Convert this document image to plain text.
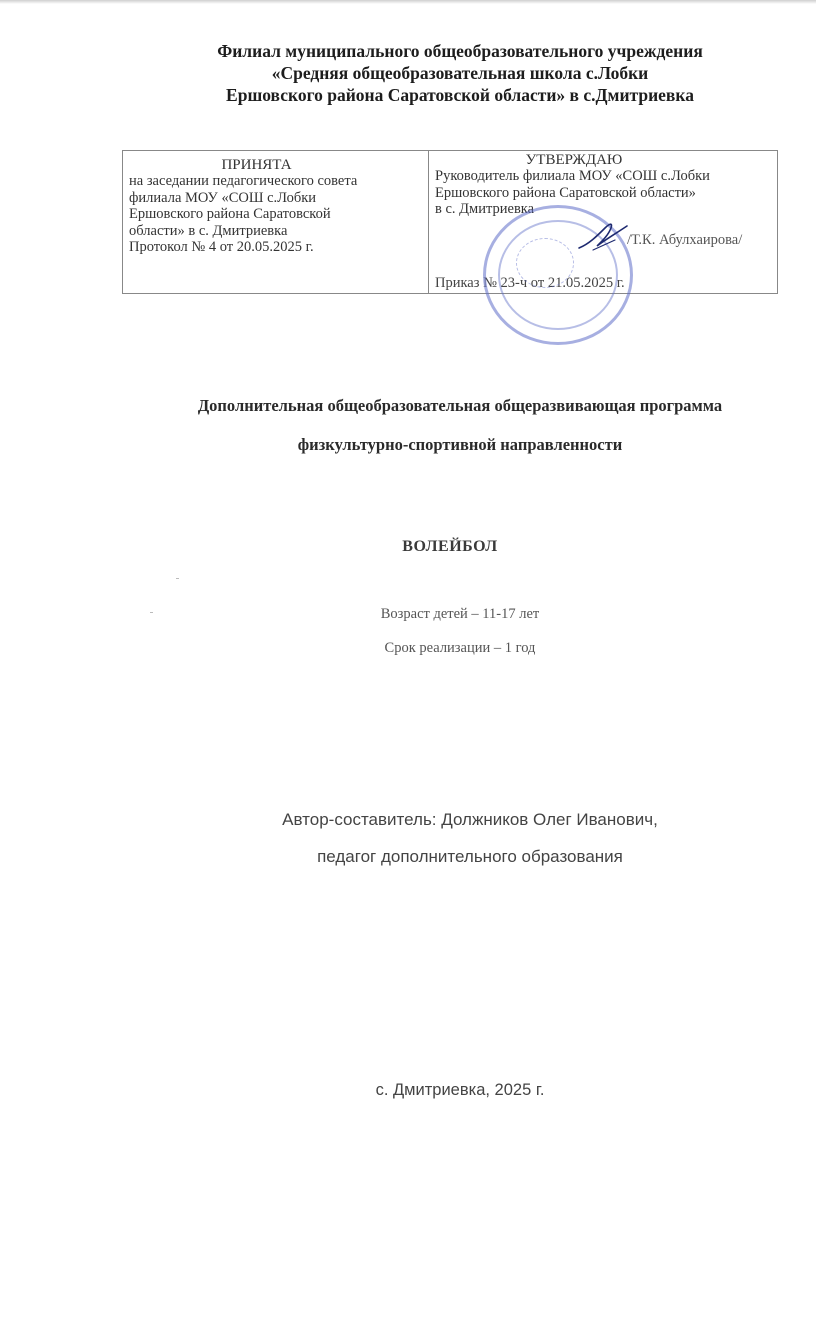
Филиал муниципального общеобразовательного учреждения
«Средняя общеобразовательная школа с.Лобки
Ершовского района Саратовской области» в с.Дмитриевка
ПРИНЯТА
на заседании педагогического совета
филиала МОУ «СОШ с.Лобки
Ершовского района Саратовской
области» в с. Дмитриевка
Протокол № 4 от 20.05.2025 г.
УТВЕРЖДАЮ
Руководитель филиала МОУ «СОШ с.Лобки
Ершовского района Саратовской области»
в с. Дмитриевка
/Т.К. Абулхаирова/
Приказ № 23-ч от 21.05.2025 г.
Дополнительная общеобразовательная общеразвивающая программа
физкультурно-спортивной направленности
ВОЛЕЙБОЛ
Возраст детей – 11-17 лет
Срок реализации – 1 год
Автор-составитель: Должников Олег Иванович,
педагог дополнительного образования
с. Дмитриевка, 2025 г.
